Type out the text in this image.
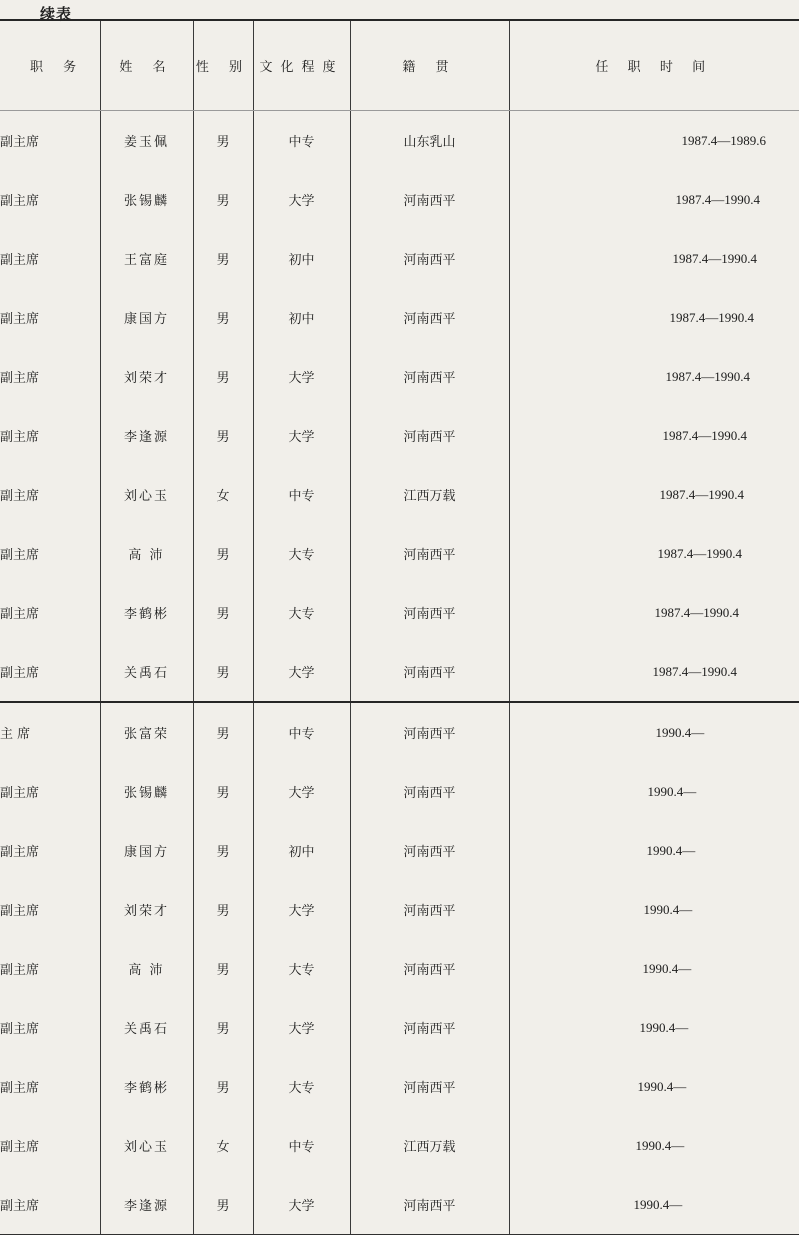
续表
职 务	姓 名	性 别	文化程度	籍 贯	任 职 时 间
副主席	姜玉佩	男	中专	山东乳山	1987.4—1989.6
副主席	张锡麟	男	大学	河南西平	1987.4—1990.4
副主席	王富庭	男	初中	河南西平	1987.4—1990.4
副主席	康国方	男	初中	河南西平	1987.4—1990.4
副主席	刘荣才	男	大学	河南西平	1987.4—1990.4
副主席	李逢源	男	大学	河南西平	1987.4—1990.4
副主席	刘心玉	女	中专	江西万载	1987.4—1990.4
副主席	高 沛	男	大专	河南西平	1987.4—1990.4
副主席	李鹤彬	男	大专	河南西平	1987.4—1990.4
副主席	关禹石	男	大学	河南西平	1987.4—1990.4
主 席	张富荣	男	中专	河南西平	1990.4—
副主席	张锡麟	男	大学	河南西平	1990.4—
副主席	康国方	男	初中	河南西平	1990.4—
副主席	刘荣才	男	大学	河南西平	1990.4—
副主席	高 沛	男	大专	河南西平	1990.4—
副主席	关禹石	男	大学	河南西平	1990.4—
副主席	李鹤彬	男	大专	河南西平	1990.4—
副主席	刘心玉	女	中专	江西万载	1990.4—
副主席	李逢源	男	大学	河南西平	1990.4—
